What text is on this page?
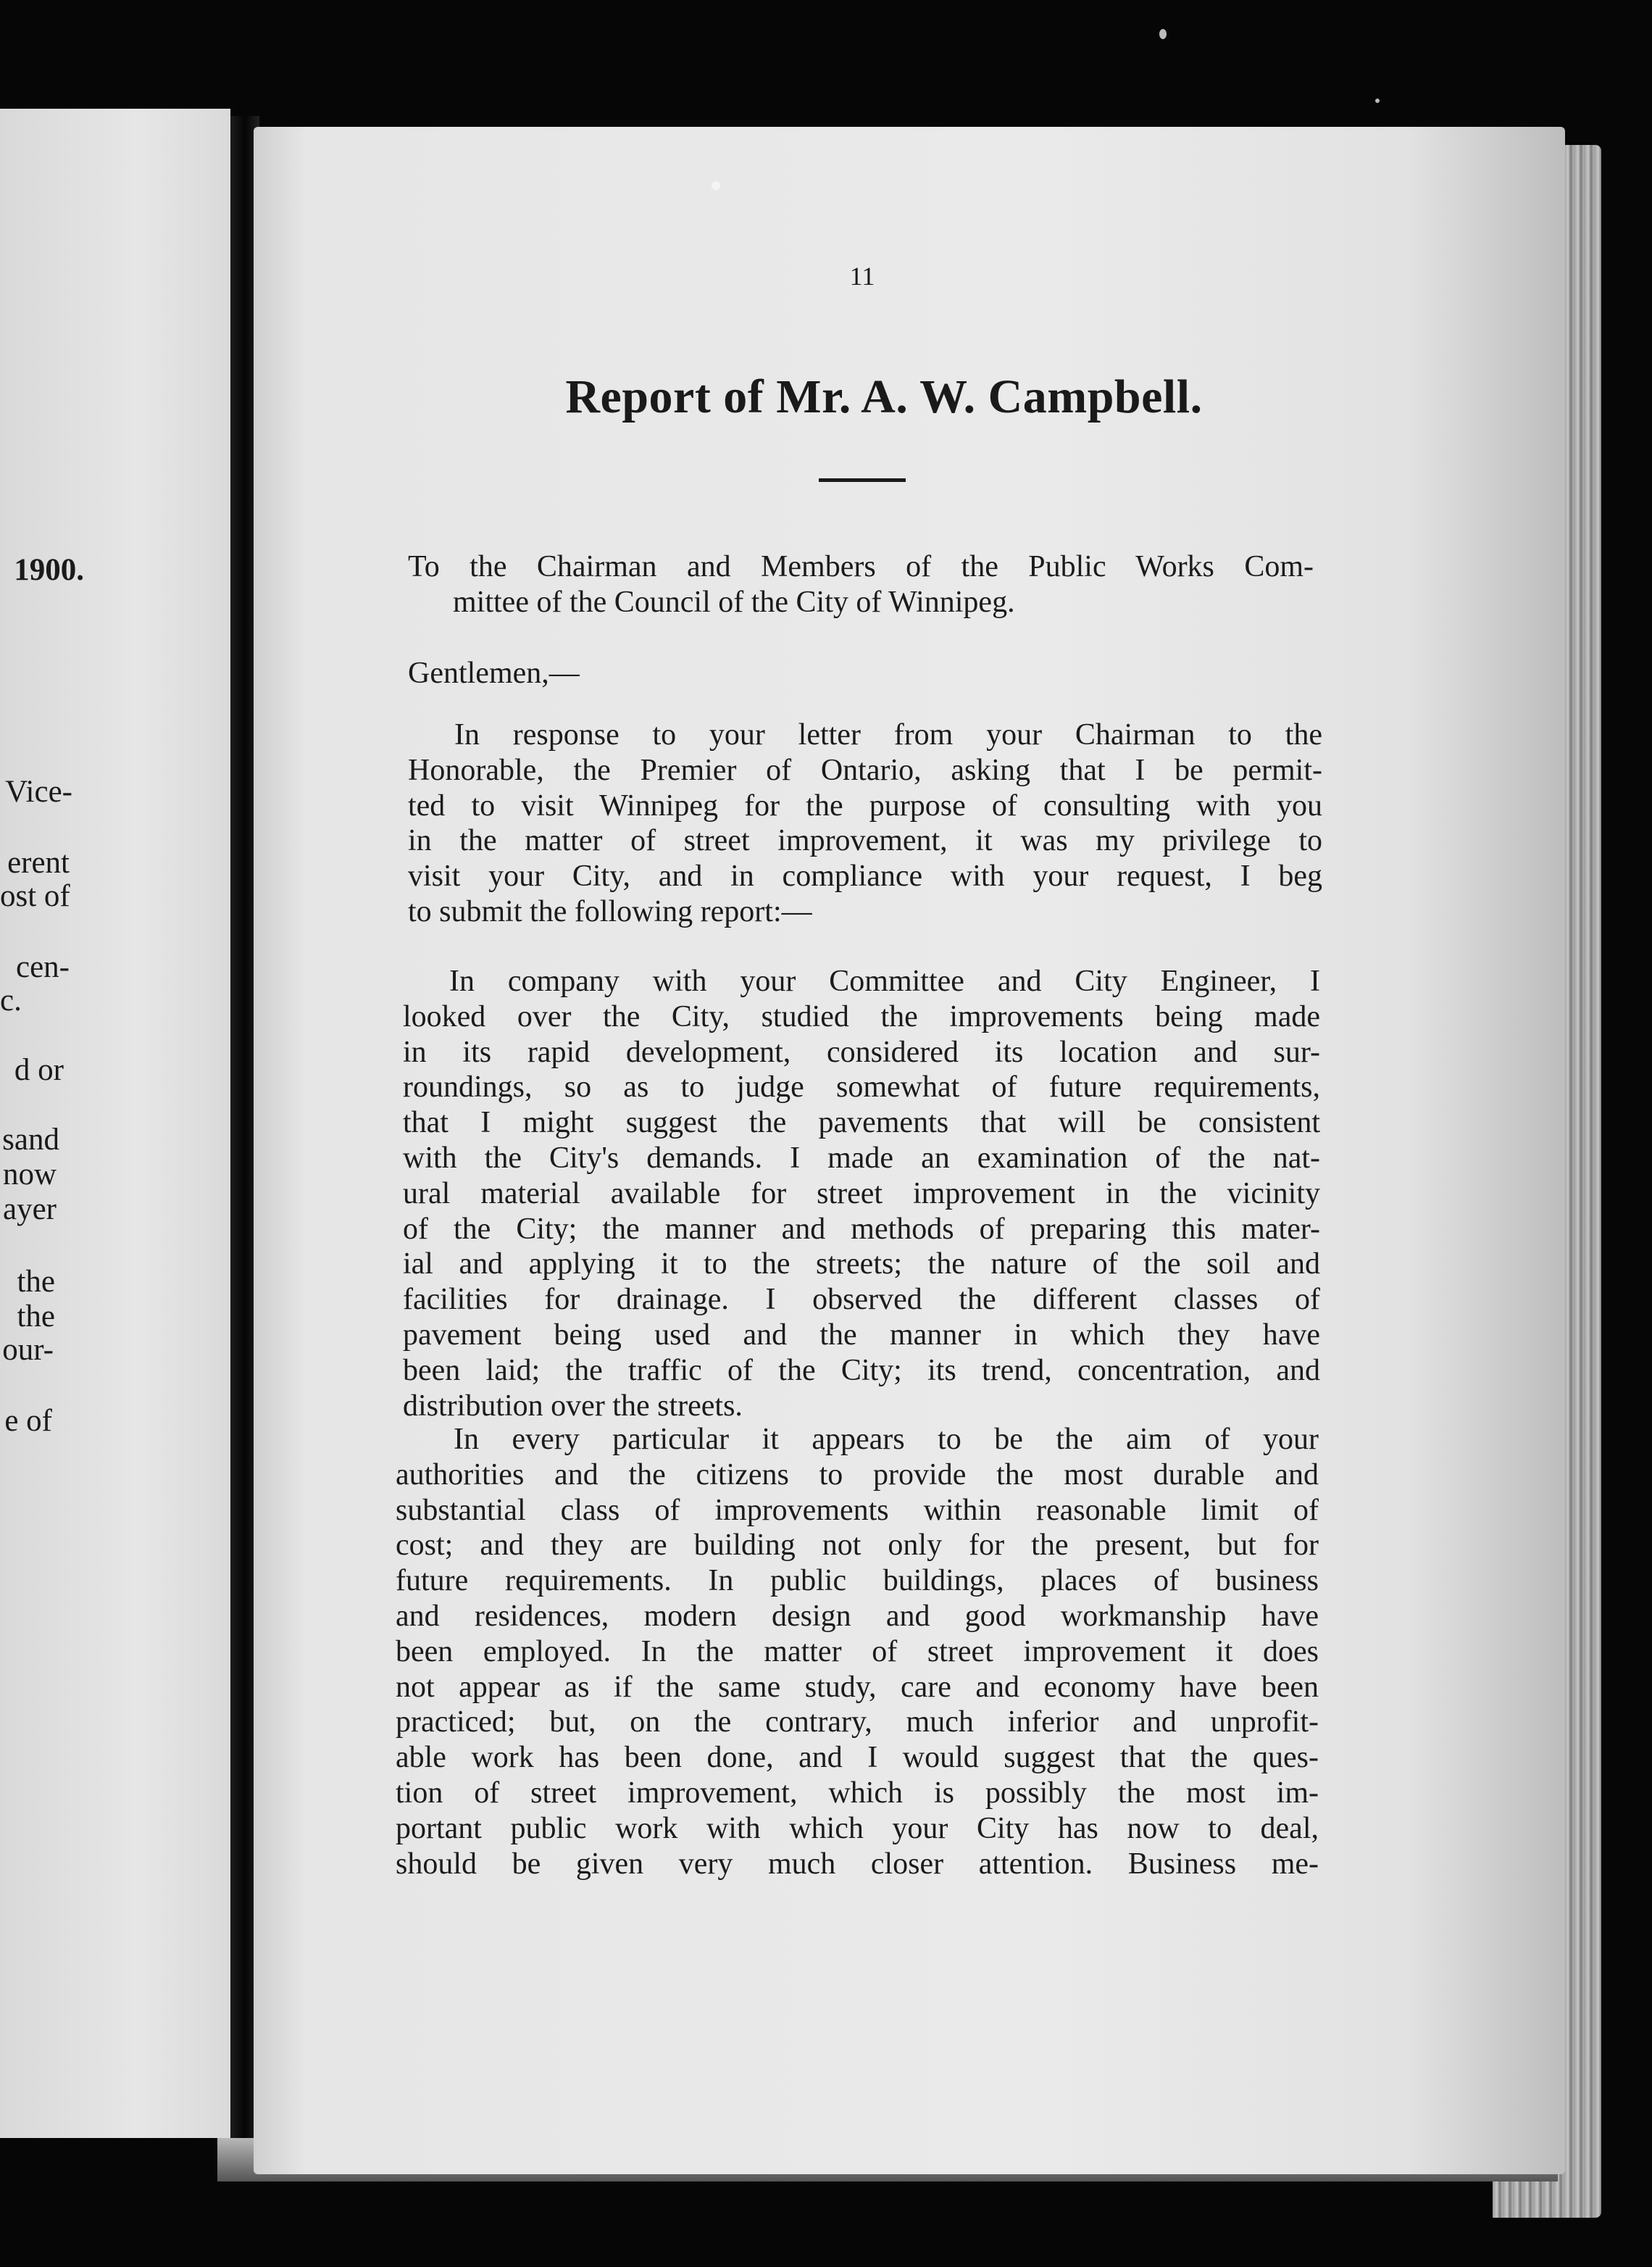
1900.
Vice-
erent
ost of
cen-
c.
d or
sand
now
ayer
the
the
our-
e of
11
Report of Mr. A. W. Campbell.
To the Chairman and Members of the Public Works Com-
mittee of the Council of the City of Winnipeg.
Gentlemen,—
In response to your letter from your Chairman to the
Honorable, the Premier of Ontario, asking that I be permit-
ted to visit Winnipeg for the purpose of consulting with you
in the matter of street improvement, it was my privilege to
visit your City, and in compliance with your request, I beg
to submit the following report:—
In company with your Committee and City Engineer, I
looked over the City, studied the improvements being made
in its rapid development, considered its location and sur-
roundings, so as to judge somewhat of future requirements,
that I might suggest the pavements that will be consistent
with the City's demands. I made an examination of the nat-
ural material available for street improvement in the vicinity
of the City; the manner and methods of preparing this mater-
ial and applying it to the streets; the nature of the soil and
facilities for drainage. I observed the different classes of
pavement being used and the manner in which they have
been laid; the traffic of the City; its trend, concentration, and
distribution over the streets.
In every particular it appears to be the aim of your
authorities and the citizens to provide the most durable and
substantial class of improvements within reasonable limit of
cost; and they are building not only for the present, but for
future requirements. In public buildings, places of business
and residences, modern design and good workmanship have
been employed. In the matter of street improvement it does
not appear as if the same study, care and economy have been
practiced; but, on the contrary, much inferior and unprofit-
able work has been done, and I would suggest that the ques-
tion of street improvement, which is possibly the most im-
portant public work with which your City has now to deal,
should be given very much closer attention. Business me-
